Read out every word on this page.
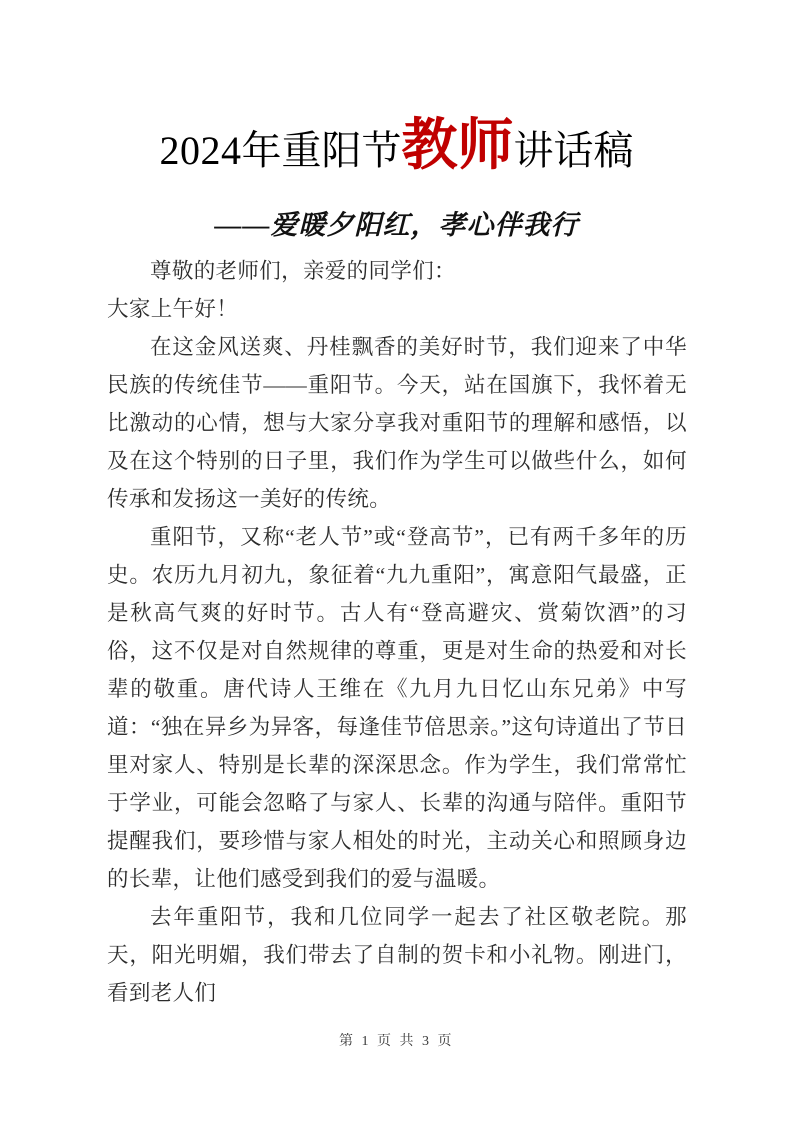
2024年重阳节教师讲话稿
——爱暖夕阳红，孝心伴我行

尊敬的老师们，亲爱的同学们：

大家上午好！

在这金风送爽、丹桂飘香的美好时节，我们迎来了中华民族的传统佳节——重阳节。今天，站在国旗下，我怀着无比激动的心情，想与大家分享我对重阳节的理解和感悟，以及在这个特别的日子里，我们作为学生可以做些什么，如何传承和发扬这一美好的传统。

重阳节，又称“老人节”或“登高节”，已有两千多年的历史。农历九月初九，象征着“九九重阳”，寓意阳气最盛，正是秋高气爽的好时节。古人有“登高避灾、赏菊饮酒”的习俗，这不仅是对自然规律的尊重，更是对生命的热爱和对长辈的敬重。唐代诗人王维在《九月九日忆山东兄弟》中写道：“独在异乡为异客，每逢佳节倍思亲。”这句诗道出了节日里对家人、特别是长辈的深深思念。作为学生，我们常常忙于学业，可能会忽略了与家人、长辈的沟通与陪伴。重阳节提醒我们，要珍惜与家人相处的时光，主动关心和照顾身边的长辈，让他们感受到我们的爱与温暖。

去年重阳节，我和几位同学一起去了社区敬老院。那天，阳光明媚，我们带去了自制的贺卡和小礼物。刚进门，看到老人们

第 1 页 共 3 页
